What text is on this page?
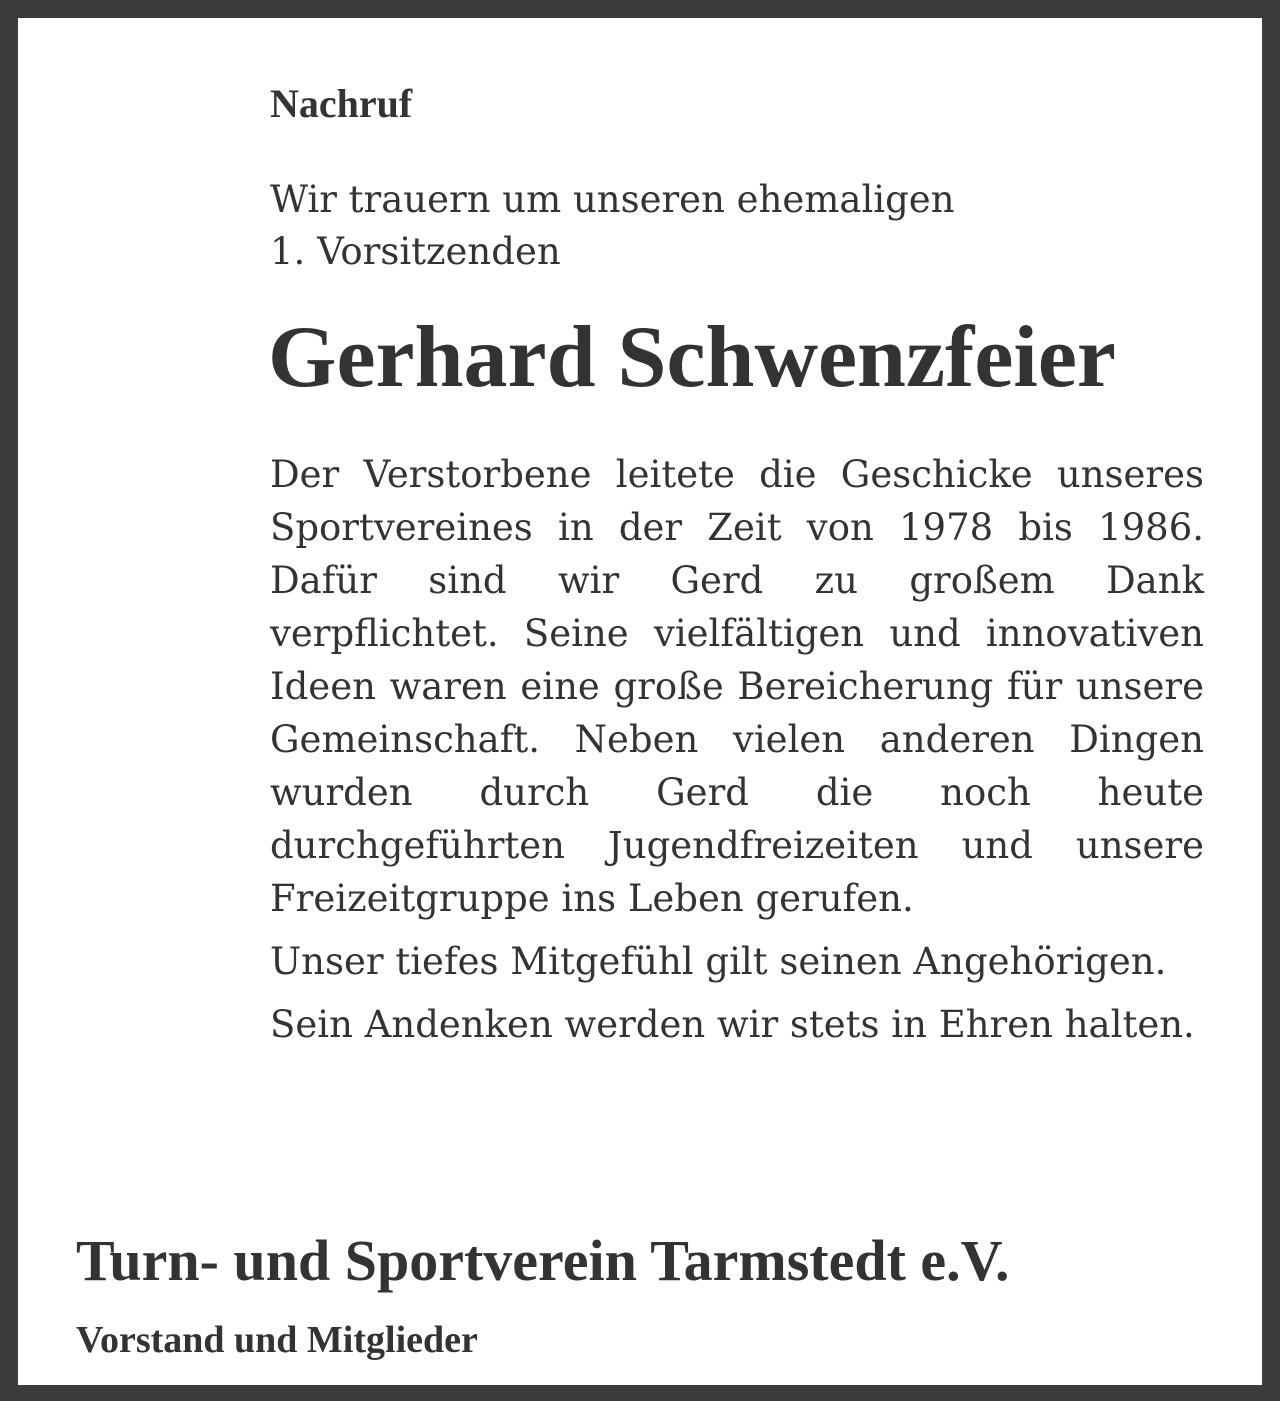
Nachruf
Wir trauern um unseren ehemaligen
1. Vorsitzenden
Gerhard Schwenzfeier

Der Verstorbene leitete die Geschicke unseres Sportvereines in der Zeit von 1978 bis 1986. Dafür sind wir Gerd zu großem Dank verpflichtet. Seine vielfältigen und innovativen Ideen waren eine große Bereicherung für unsere Gemeinschaft. Neben vielen anderen Dingen wurden durch Gerd die noch heute durchgeführten Jugendfreizeiten und unsere Freizeitgruppe ins Leben gerufen.

Unser tiefes Mitgefühl gilt seinen Angehörigen.

Sein Andenken werden wir stets in Ehren halten.

Turn- und Sportverein Tarmstedt e.V.
Vorstand und Mitglieder
